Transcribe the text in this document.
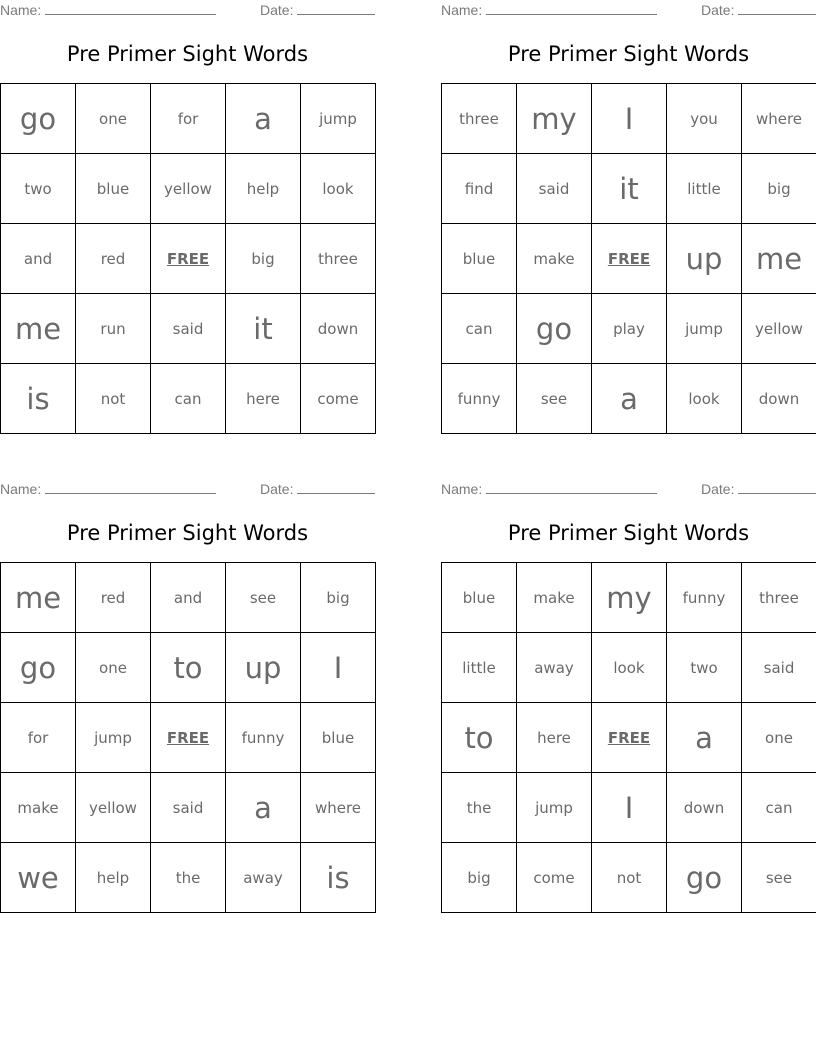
Name:	Date:
Pre Primer Sight Words
go	one	for	a	jump
two	blue	yellow	help	look
and	red	FREE	big	three
me	run	said	it	down
is	not	can	here	come
Name:	Date:
Pre Primer Sight Words
three	my	I	you	where
find	said	it	little	big
blue	make	FREE	up	me
can	go	play	jump	yellow
funny	see	a	look	down
Name:	Date:
Pre Primer Sight Words
me	red	and	see	big
go	one	to	up	I
for	jump	FREE	funny	blue
make	yellow	said	a	where
we	help	the	away	is
Name:	Date:
Pre Primer Sight Words
blue	make	my	funny	three
little	away	look	two	said
to	here	FREE	a	one
the	jump	I	down	can
big	come	not	go	see
